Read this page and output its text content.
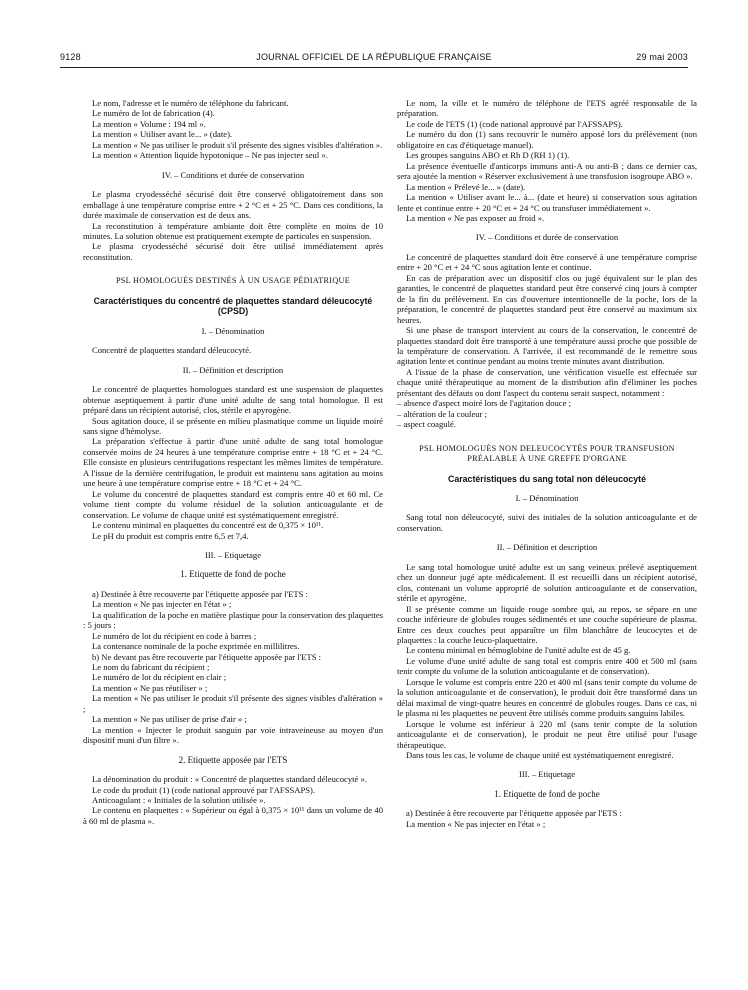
9128	JOURNAL OFFICIEL DE LA RÉPUBLIQUE FRANÇAISE	29 mai 2003

Le nom, l'adresse et le numéro de téléphone du fabricant.

Le numéro de lot de fabrication (4).

La mention « Volume : 194 ml ».

La mention « Utiliser avant le... » (date).

La mention « Ne pas utiliser le produit s'il présente des signes visibles d'altération ».

La mention « Attention liquide hypotonique – Ne pas injecter seul ».

IV. – Conditions et durée de conservation

Le plasma cryodesséché sécurisé doit être conservé obligatoirement dans son emballage à une température comprise entre + 2 °C et + 25 °C. Dans ces conditions, la durée maximale de conservation est de deux ans.

La reconstitution à température ambiante doit être complète en moins de 10 minutes. La solution obtenue est pratiquement exempte de particules en suspension.

Le plasma cryodesséché sécurisé doit être utilisé immédiatement après reconstitution.

PSL HOMOLOGUÉS DESTINÉS À UN USAGE PÉDIATRIQUE

Caractéristiques du concentré de plaquettes standard déleucocyté (CPSD)

I. – Dénomination

Concentré de plaquettes standard déleucocyté.

II. – Définition et description

Le concentré de plaquettes homologues standard est une suspension de plaquettes obtenue aseptiquement à partir d'une unité adulte de sang total homologue. Il est préparé dans un récipient autorisé, clos, stérile et apyrogène.

Sous agitation douce, il se présente en milieu plasmatique comme un liquide moiré sans signe d'hémolyse.

La préparation s'effectue à partir d'une unité adulte de sang total homologue conservée moins de 24 heures à une température comprise entre + 18 °C et + 24 °C. Elle consiste en plusieurs centrifugations respectant les mêmes limites de température. A l'issue de la dernière centrifugation, le produit est maintenu sans agitation au moins une heure à une température comprise entre + 18 °C et + 24 °C.

Le volume du concentré de plaquettes standard est compris entre 40 et 60 ml. Ce volume tient compte du volume résiduel de la solution anticoagulante et de conservation. Le volume de chaque unité est systématiquement enregistré.

Le contenu minimal en plaquettes du concentré est de 0,375 × 10¹¹.

Le pH du produit est compris entre 6,5 et 7,4.

III. – Etiquetage

1. Etiquette de fond de poche

a) Destinée à être recouverte par l'étiquette apposée par l'ETS :

La mention « Ne pas injecter en l'état » ;

La qualification de la poche en matière plastique pour la conservation des plaquettes : 5 jours :

Le numéro de lot du récipient en code à barres ;

La contenance nominale de la poche exprimée en millilitres.

b) Ne devant pas être recouverte par l'étiquette apposée par l'ETS :

Le nom du fabricant du récipient ;

Le numéro de lot du récipient en clair ;

La mention « Ne pas réutiliser » ;

La mention « Ne pas utiliser le produit s'il présente des signes visibles d'altération » ;

La mention « Ne pas utiliser de prise d'air » ;

La mention « Injecter le produit sanguin par voie intraveineuse au moyen d'un dispositif muni d'un filtre ».

2. Etiquette apposée par l'ETS

La dénomination du produit : « Concentré de plaquettes standard déleucocyté ».

Le code du produit (1) (code national approuvé par l'AFSSAPS).

Anticoagulant : « Initiales de la solution utilisée ».

Le contenu en plaquettes : « Supérieur ou égal à 0,375 × 10¹¹ dans un volume de 40 à 60 ml de plasma ».

Le nom, la ville et le numéro de téléphone de l'ETS agréé responsable de la préparation.

Le code de l'ETS (1) (code national approuvé par l'AFSSAPS).

Le numéro du don (1) sans recouvrir le numéro apposé lors du prélèvement (non obligatoire en cas d'étiquetage manuel).

Les groupes sanguins ABO et Rh D (RH 1) (1).

La présence éventuelle d'anticorps immuns anti-A ou anti-B ; dans ce dernier cas, sera ajoutée la mention « Réserver exclusivement à une transfusion isogroupe ABO ».

La mention « Prélevé le... » (date).

La mention « Utiliser avant le... à... (date et heure) si conservation sous agitation lente et continue entre + 20 °C et + 24 °C ou transfuser immédiatement ».

La mention « Ne pas exposer au froid ».

IV. – Conditions et durée de conservation

Le concentré de plaquettes standard doit être conservé à une température comprise entre + 20 °C et + 24 °C sous agitation lente et continue.

En cas de préparation avec un dispositif clos ou jugé équivalent sur le plan des garanties, le concentré de plaquettes standard peut être conservé cinq jours à compter de la fin du prélèvement. En cas d'ouverture intentionnelle de la poche, lors de la préparation, le concentré de plaquettes standard peut être conservé au maximum six heures.

Si une phase de transport intervient au cours de la conservation, le concentré de plaquettes standard doit être transporté à une température aussi proche que possible de la température de conservation. A l'arrivée, il est recommandé de le remettre sous agitation lente et continue pendant au moins trente minutes avant distribution.

A l'issue de la phase de conservation, une vérification visuelle est effectuée sur chaque unité thérapeutique au moment de la distribution afin d'éliminer les poches présentant des défauts ou dont l'aspect du contenu serait suspect, notamment :

– absence d'aspect moiré lors de l'agitation douce ;

– altération de la couleur ;

– aspect coagulé.

PSL HOMOLOGUÉS NON DELEUCOCYTÉS POUR TRANSFUSION PRÉALABLE À UNE GREFFE D'ORGANE

Caractéristiques du sang total non déleucocyté

I. – Dénomination

Sang total non déleucocyté, suivi des initiales de la solution anticoagulante et de conservation.

II. – Définition et description

Le sang total homologue unité adulte est un sang veineux prélevé aseptiquement chez un donneur jugé apte médicalement. Il est recueilli dans un récipient autorisé, clos, contenant un volume approprié de solution anticoagulante et de conservation, stérile et apyrogène.

Il se présente comme un liquide rouge sombre qui, au repos, se sépare en une couche inférieure de globules rouges sédimentés et une couche supérieure de plasma. Entre ces deux couches peut apparaître un film blanchâtre de leucocytes et de plaquettes : la couche leuco-plaquettaire.

Le contenu minimal en hémoglobine de l'unité adulte est de 45 g.

Le volume d'une unité adulte de sang total est compris entre 400 et 500 ml (sans tenir compte du volume de la solution anticoagulante et de conservation).

Lorsque le volume est compris entre 220 et 400 ml (sans tenir compte du volume de la solution anticoagulante et de conservation), le produit doit être transformé dans un délai maximal de vingt-quatre heures en concentré de globules rouges. Dans ce cas, ni le plasma ni les plaquettes ne peuvent être utilisés comme produits sanguins labiles.

Lorsque le volume est inférieur à 220 ml (sans tenir compte de la solution anticoagulante et de conservation), le produit ne peut être utilisé pour l'usage thérapeutique.

Dans tous les cas, le volume de chaque unité est systématiquement enregistré.

III. – Etiquetage

1. Etiquette de fond de poche

a) Destinée à être recouverte par l'étiquette apposée par l'ETS :

La mention « Ne pas injecter en l'état » ;
